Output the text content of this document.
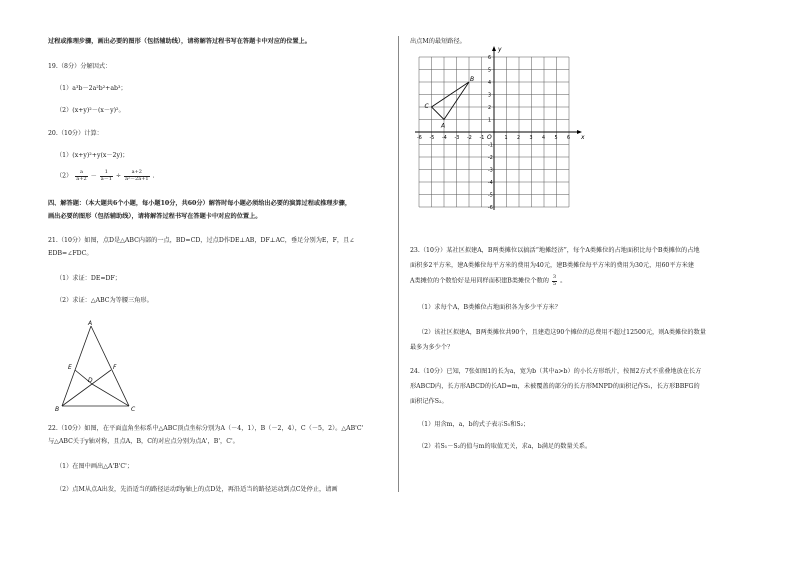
过程或推理步骤，画出必要的图形（包括辅助线），请将解答过程书写在答题卡中对应的位置上。

19.（8分）分解因式：

（1）a³b－2a²b²+ab³；

（2）(x+y)²－(x－y)²。

20.（10分）计算：

（1）(x+y)²+y(x－2y)；

$(2) \frac{a}{a+2} - \frac{1}{a-1} \div \frac{a+2}{\text{a²－2a+1}}$ .

四、解答题：（本大题共6个小题，每小题10分，共60分）解答时每小题必须给出必要的演算过程或推理步骤，

画出必要的图形（包括辅助线），请将解答过程书写在答题卡中对应的位置上。

21.（10分）如图，点D是△ABC内部的一点，BD=CD，过点D作DE⊥AB，DF⊥AC，垂足分别为E，F，且∠

EDB=∠FDC。

（1）求证：DE=DF；

（2）求证：△ABC为等腰三角形。

A
B	C
D
E	F

22.（10分）如图，在平面直角坐标系中△ABC顶点坐标分别为A（－4，1），B（－2，4），C（－5，2）。△AB'C'

与△ABC关于y轴对称，且点A，B，C的对应点分别为点A'，B'，C'。

（1）在图中画出△A'B'C'；

（2）点M从点A出发，先沿适当的路径运动到y轴上的点D处，再沿适当的路径运动到点C处停止，请画

出点M的最短路径。

x
y
O
-6 -5 -4 -3 -2 -1	1 2 3 4 5 6
6
5
4
3
2
1
-1
-2
-3
-4
-5
-6
A
B
C

23.（10分）某社区拟建A，B两类摊位以搞活“地摊经济”，每个A类摊位的占地面积比每个B类摊位的占地

面积多2平方米，建A类摊位每平方米的费用为40元，建B类摊位每平方米的费用为30元，用60平方米建

A类摊位的个数恰好是用同样面积建B类摊位个数的 $\frac{3}{5}$ 。

（1）求每个A，B类摊位占地面积各为多少平方米？

（2）该社区拟建A，B两类摊位共90个，且建造这90个摊位的总费用不超过12500元，则A类摊位的数量

最多为多少个？

24.（10分）已知，7张如图1的长为a，宽为b（其中a>b）的小长方形纸片，按图2方式不重叠地放在长方

形ABCD内，长方形ABCD的长AD=m，未被覆盖的部分的长方形MNPD的面积记作S₁，长方形BBFG的

面积记作S₂。

（1）用含m，a，b的式子表示S₁和S₂；

（2）若S₁－S₂的值与m的取值无关，求a，b满足的数量关系。
